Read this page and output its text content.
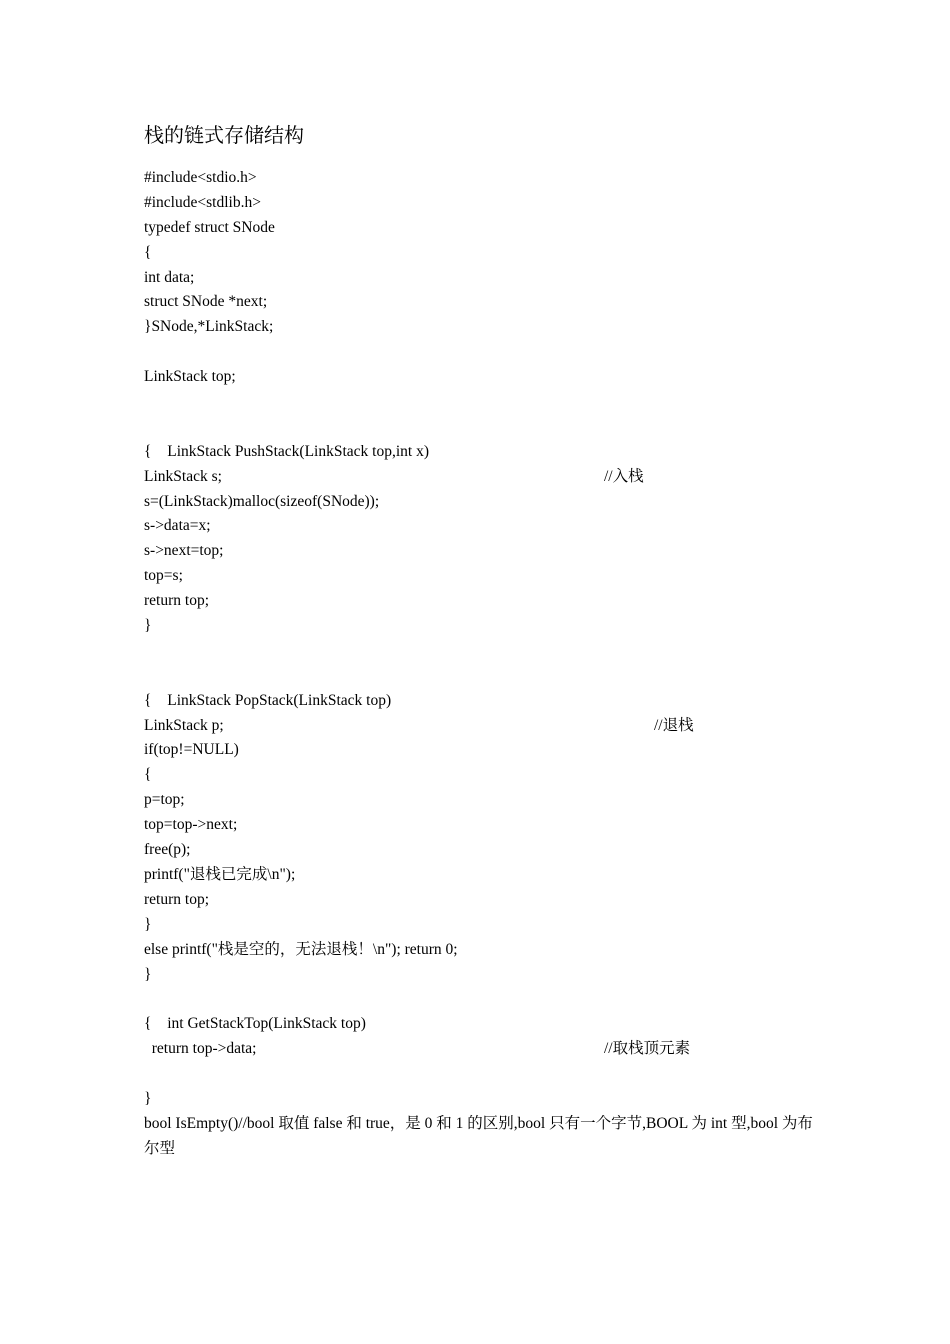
栈的链式存储结构
#include<stdio.h>
#include<stdlib.h>
typedef struct SNode
{
int data;
struct SNode *next;
}SNode,*LinkStack;
LinkStack top;

LinkStack PushStack(LinkStack top,int x)

//入栈

{
LinkStack s;
s=(LinkStack)malloc(sizeof(SNode));
s->data=x;
s->next=top;
top=s;
return top;
}

LinkStack PopStack(LinkStack top)

//退栈

{
LinkStack p;
if(top!=NULL)
{
p=top;
top=top->next;
free(p);
printf("退栈已完成\n");
return top;
}
else printf("栈是空的，无法退栈！\n"); return 0;
}

int GetStackTop(LinkStack top)

//取栈顶元素

{
return top->data;
}
bool IsEmpty()//bool 取值 false 和 true，是 0 和 1 的区别,bool 只有一个字节,BOOL 为 int 型,bool 为布尔型
